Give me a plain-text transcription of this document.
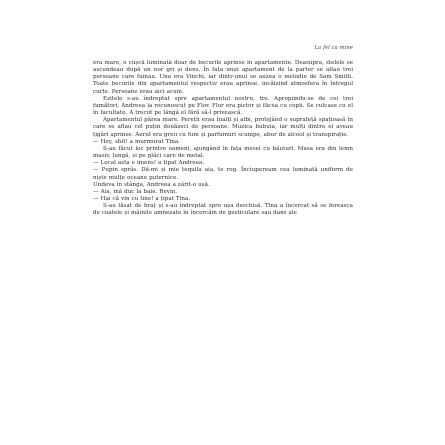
La fel ca mine

era mare, o cușcă luminată doar de becurile aprinse în apartamente. Deasupra, stelele se ascundeau după un nor gri și dens. În fața unui apartament de la parter se aflau trei persoane care fumau. Una era Vinchi, iar dintr-unul se auzea o melodie de Sam Smith. Toate becurile din apartamentul respectiv erau aprinse, incălzind atmosfera în întregul curte. Persoane erau aici acum.

Ezitele s-au îndreptat spre apartamentul nostru, tre. Apropiindu-se de cei trei fumători, Andreea la recunoscut pe Flor. Flor era pictor și făcea cu copii. Se culcase cu el în facultate. A trecut pe lângă el fără să-l privească.

Apartamentul părea mare. Pereții erau înalți și albi, protejând o suprafeță spațioasă în care se aflau cel puțin douăzeci de persoane. Muzica bubuia, iar mulți dintre ei aveau țigări aprinse. Aerul era greu cu fum și parfumuri scumpe, abur de alcool și transpirație.

— Hey, shit! a murmurat Tina.

S-au făcut loc printre oameni, ajungând în fața mesei cu băuturi. Masa era din lemn masiv, lungă, și pe plăci care de metal.

— Local asta e imens! a țipat Andreea.

— Pupin sprâs. Dă-mi și mie tequila aia, te rog. Înciupeream cea luminată uniform de niște mulțe oceane puternice.

Undeva în stânga, Andreea a zărit-o ușă.

— Aia, mă duc la baie. Revin.

— Hai că vin cu tine! a țipat Tina.

S-au lăsat de braț și s-au îndreptat spre ușa deschisă. Tina a încercat să se fereasca de coatele și mâinile amnezate în încercăm de gesticulare sau dans ale
